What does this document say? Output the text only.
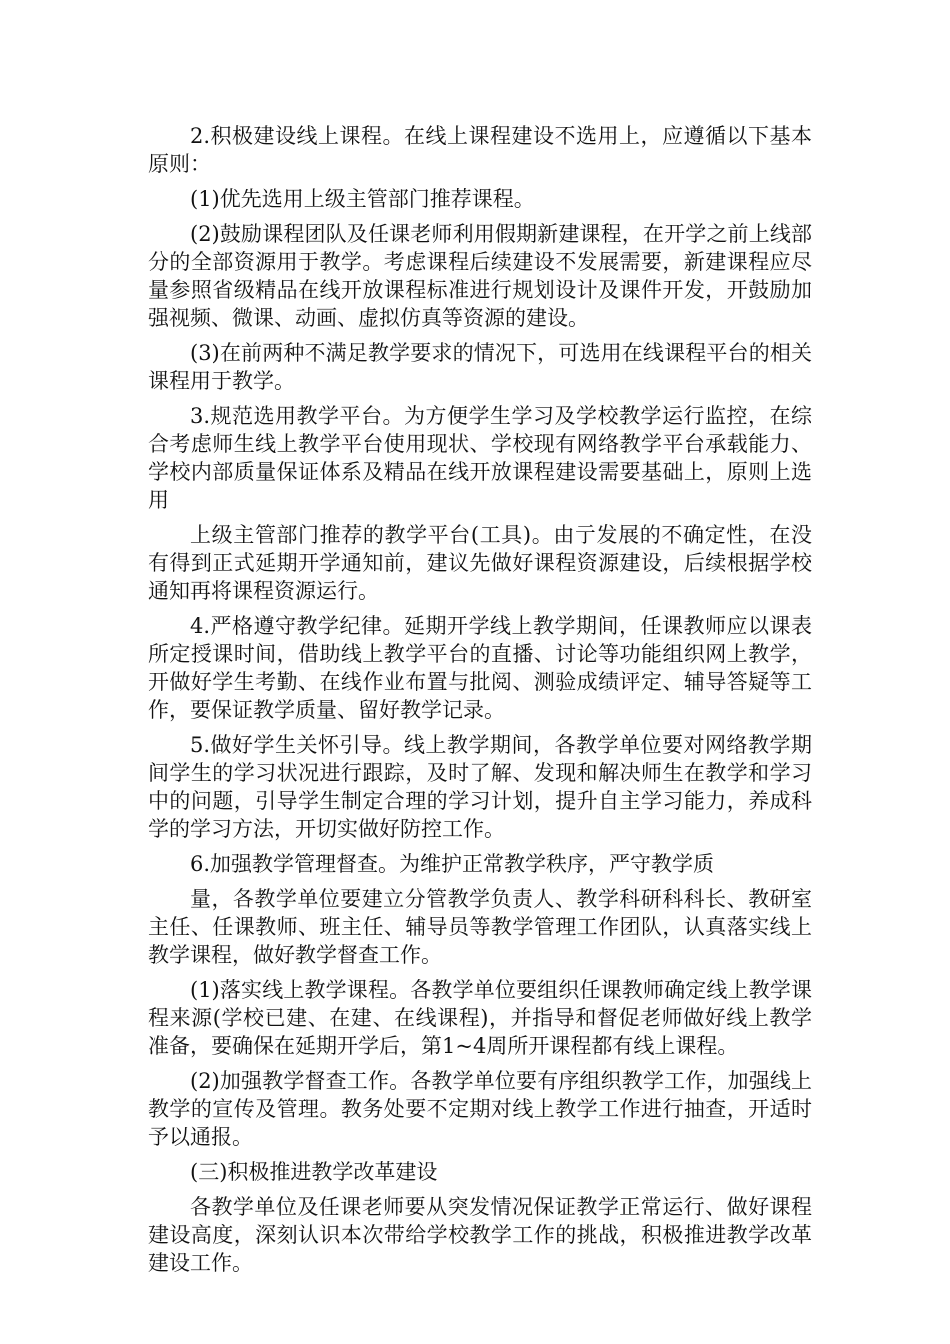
2.积极建设线上课程。在线上课程建设不选用上，应遵循以下基本原则：

(1)优先选用上级主管部门推荐课程。

(2)鼓励课程团队及任课老师利用假期新建课程，在开学之前上线部分的全部资源用于教学。考虑课程后续建设不发展需要，新建课程应尽量参照省级精品在线开放课程标准进行规划设计及课件开发，开鼓励加强视频、微课、动画、虚拟仿真等资源的建设。

(3)在前两种不满足教学要求的情况下，可选用在线课程平台的相关课程用于教学。

3.规范选用教学平台。为方便学生学习及学校教学运行监控，在综合考虑师生线上教学平台使用现状、学校现有网络教学平台承载能力、学校内部质量保证体系及精品在线开放课程建设需要基础上，原则上选用

上级主管部门推荐的教学平台(工具)。由亍发展的不确定性，在没有得到正式延期开学通知前，建议先做好课程资源建设，后续根据学校通知再将课程资源运行。

4.严格遵守教学纪律。延期开学线上教学期间，任课教师应以课表所定授课时间，借助线上教学平台的直播、讨论等功能组织网上教学，开做好学生考勤、在线作业布置与批阅、测验成绩评定、辅导答疑等工作，要保证教学质量、留好教学记录。

5.做好学生关怀引导。线上教学期间，各教学单位要对网络教学期间学生的学习状况进行跟踪，及时了解、发现和解决师生在教学和学习中的问题，引导学生制定合理的学习计划，提升自主学习能力，养成科学的学习方法，开切实做好防控工作。

6.加强教学管理督查。为维护正常教学秩序，严守教学质

量，各教学单位要建立分管教学负责人、教学科研科科长、教研室主任、任课教师、班主任、辅导员等教学管理工作团队，认真落实线上教学课程，做好教学督查工作。

(1)落实线上教学课程。各教学单位要组织任课教师确定线上教学课程来源(学校已建、在建、在线课程)，并指导和督促老师做好线上教学准备，要确保在延期开学后，第1~4周所开课程都有线上课程。

(2)加强教学督查工作。各教学单位要有序组织教学工作，加强线上教学的宣传及管理。教务处要不定期对线上教学工作进行抽查，开适时予以通报。

(三)积极推进教学改革建设

各教学单位及任课老师要从突发情况保证教学正常运行、做好课程建设高度，深刻认识本次带给学校教学工作的挑战，积极推进教学改革建设工作。
